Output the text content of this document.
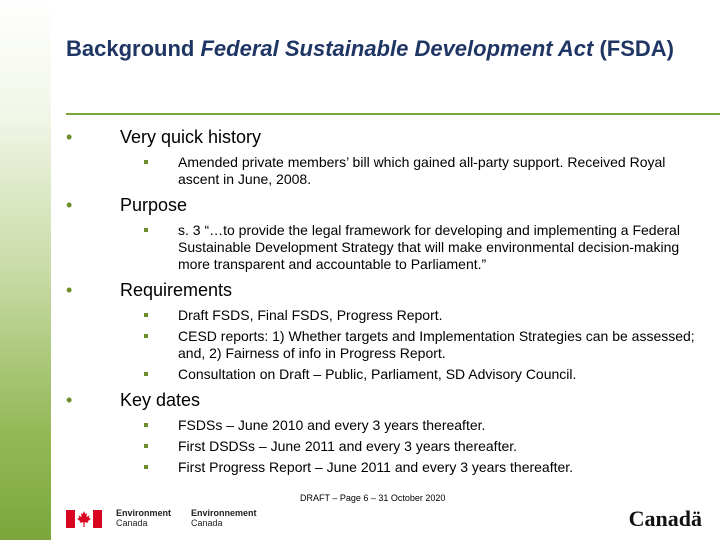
Background Federal Sustainable Development Act (FSDA)

•	Very quick history

Amended private members’ bill which gained all-party support. Received Royal ascent in June, 2008.

•	Purpose

s. 3 “…to provide the legal framework for developing and implementing a Federal Sustainable Development Strategy that will make environmental decision-making more transparent and accountable to Parliament.”

•	Requirements

Draft FSDS, Final FSDS, Progress Report.

CESD reports: 1) Whether targets and Implementation Strategies can be assessed; and, 2) Fairness of info in Progress Report.

Consultation on Draft – Public, Parliament, SD Advisory Council.

•	Key dates

FSDSs – June 2010 and every 3 years thereafter.

First DSDSs – June 2011 and every 3 years thereafter.

First Progress Report – June 2011 and every 3 years thereafter.

DRAFT – Page 6 – 31 October 2020
Environment
Canada
Environnement
Canada	Canadä
